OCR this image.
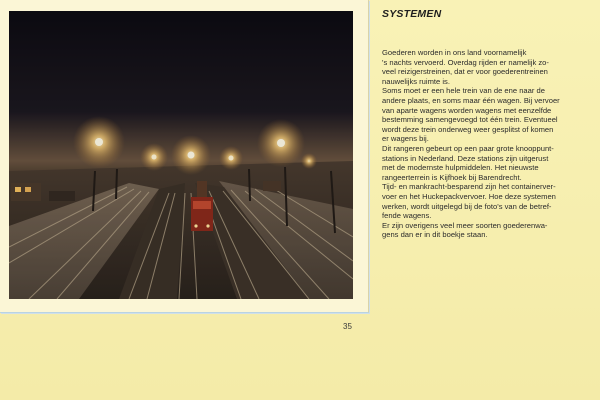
SYSTEMEN

Goederen worden in ons land voornamelijk
's nachts vervoerd. Overdag rijden er namelijk zo-
veel reizigerstreinen, dat er voor goederentreinen
nauwelijks ruimte is.

Soms moet er een hele trein van de ene naar de
andere plaats, en soms maar één wagen. Bij vervoer
van aparte wagens worden wagens met eenzelfde
bestemming samengevoegd tot één trein. Eventueel
wordt deze trein onderweg weer gesplitst of komen
er wagens bij.

Dit rangeren gebeurt op een paar grote knooppunt-
stations in Nederland. Deze stations zijn uitgerust
met de modernste hulpmiddelen. Het nieuwste
rangeerterrein is Kijfhoek bij Barendrecht.

Tijd- en mankracht-besparend zijn het containerver-
voer en het Huckepackvervoer. Hoe deze systemen
werken, wordt uitgelegd bij de foto's van de betref-
fende wagens.

Er zijn overigens veel meer soorten goederenwa-
gens dan er in dit boekje staan.

35
